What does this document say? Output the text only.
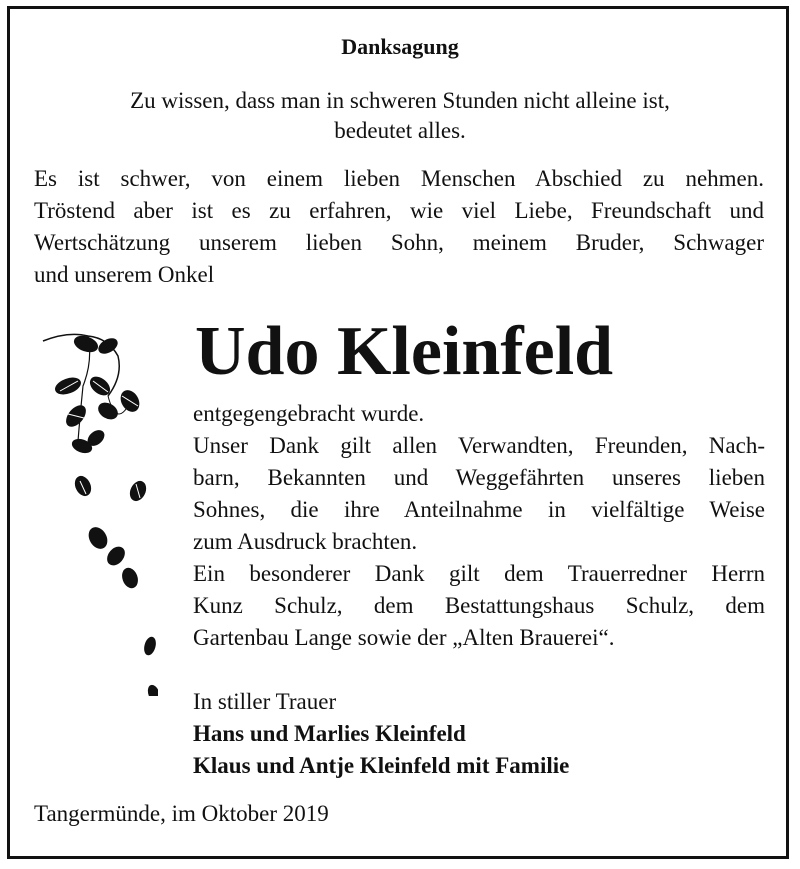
Danksagung
Zu wissen, dass man in schweren Stunden nicht alleine ist,
bedeutet alles.
Es ist schwer, von einem lieben Menschen Abschied zu nehmen.
Tröstend aber ist es zu erfahren, wie viel Liebe, Freundschaft und
Wertschätzung unserem lieben Sohn, meinem Bruder, Schwager
und unserem Onkel
Udo Kleinfeld
entgegengebracht wurde.
Unser Dank gilt allen Verwandten, Freunden, Nach-
barn, Bekannten und Weggefährten unseres lieben
Sohnes, die ihre Anteilnahme in vielfältige Weise
zum Ausdruck brachten.
Ein besonderer Dank gilt dem Trauerredner Herrn
Kunz Schulz, dem Bestattungshaus Schulz, dem
Gartenbau Lange sowie der „Alten Brauerei“.
In stiller Trauer
Hans und Marlies Kleinfeld
Klaus und Antje Kleinfeld mit Familie
Tangermünde, im Oktober 2019
